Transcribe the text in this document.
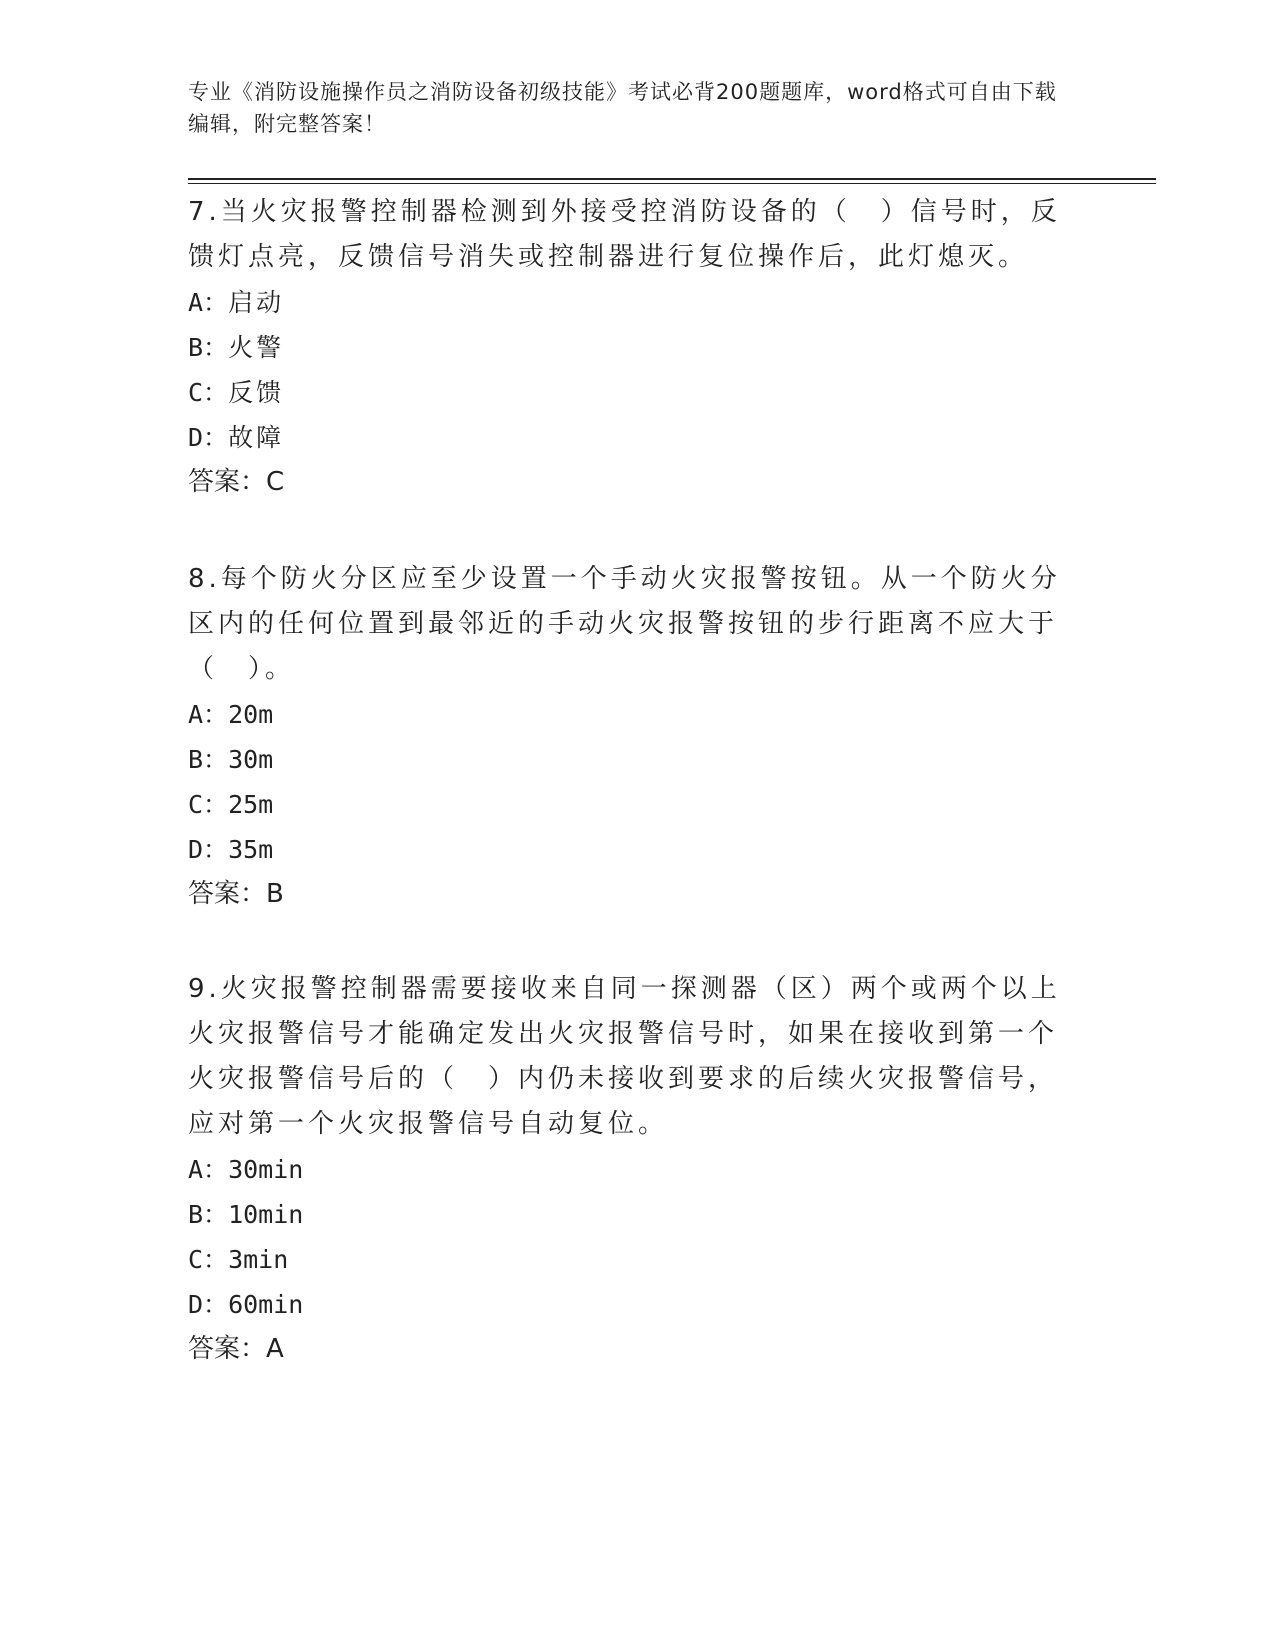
专业《消防设施操作员之消防设备初级技能》考试必背200题题库，word格式可自由下载编辑，附完整答案！
7.当火灾报警控制器检测到外接受控消防设备的（　）信号时，反馈灯点亮，反馈信号消失或控制器进行复位操作后，此灯熄灭。
A：启动
B：火警
C：反馈
D：故障
答案：C
8.每个防火分区应至少设置一个手动火灾报警按钮。从一个防火分区内的任何位置到最邻近的手动火灾报警按钮的步行距离不应大于（　）。
A：20m
B：30m
C：25m
D：35m
答案：B
9.火灾报警控制器需要接收来自同一探测器（区）两个或两个以上火灾报警信号才能确定发出火灾报警信号时，如果在接收到第一个火灾报警信号后的（　）内仍未接收到要求的后续火灾报警信号，应对第一个火灾报警信号自动复位。
A：30min
B：10min
C：3min
D：60min
答案：A
